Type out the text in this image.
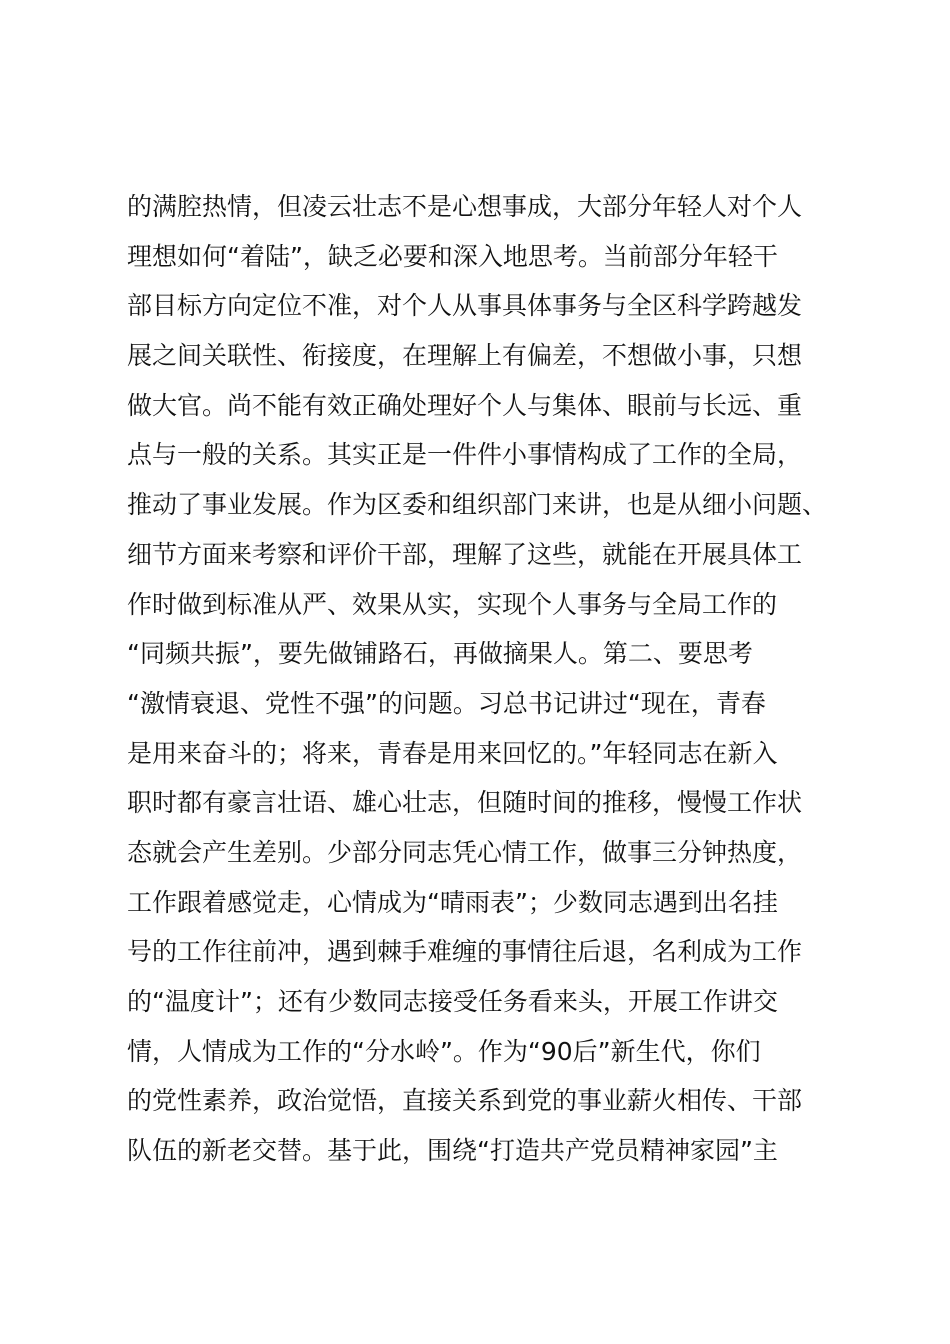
的满腔热情，但凌云壮志不是心想事成，大部分年轻人对个人
理想如何“着陆”，缺乏必要和深入地思考。当前部分年轻干
部目标方向定位不准，对个人从事具体事务与全区科学跨越发
展之间关联性、衔接度，在理解上有偏差，不想做小事，只想
做大官。尚不能有效正确处理好个人与集体、眼前与长远、重
点与一般的关系。其实正是一件件小事情构成了工作的全局，
推动了事业发展。作为区委和组织部门来讲，也是从细小问题、
细节方面来考察和评价干部，理解了这些，就能在开展具体工
作时做到标准从严、效果从实，实现个人事务与全局工作的
“同频共振”，要先做铺路石，再做摘果人。第二、要思考
“激情衰退、党性不强”的问题。习总书记讲过“现在，青春
是用来奋斗的；将来，青春是用来回忆的。”年轻同志在新入
职时都有豪言壮语、雄心壮志，但随时间的推移，慢慢工作状
态就会产生差别。少部分同志凭心情工作，做事三分钟热度，
工作跟着感觉走，心情成为“晴雨表”；少数同志遇到出名挂
号的工作往前冲，遇到棘手难缠的事情往后退，名利成为工作
的“温度计”；还有少数同志接受任务看来头，开展工作讲交
情，人情成为工作的“分水岭”。作为“90后”新生代，你们
的党性素养，政治觉悟，直接关系到党的事业薪火相传、干部
队伍的新老交替。基于此，围绕“打造共产党员精神家园”主
